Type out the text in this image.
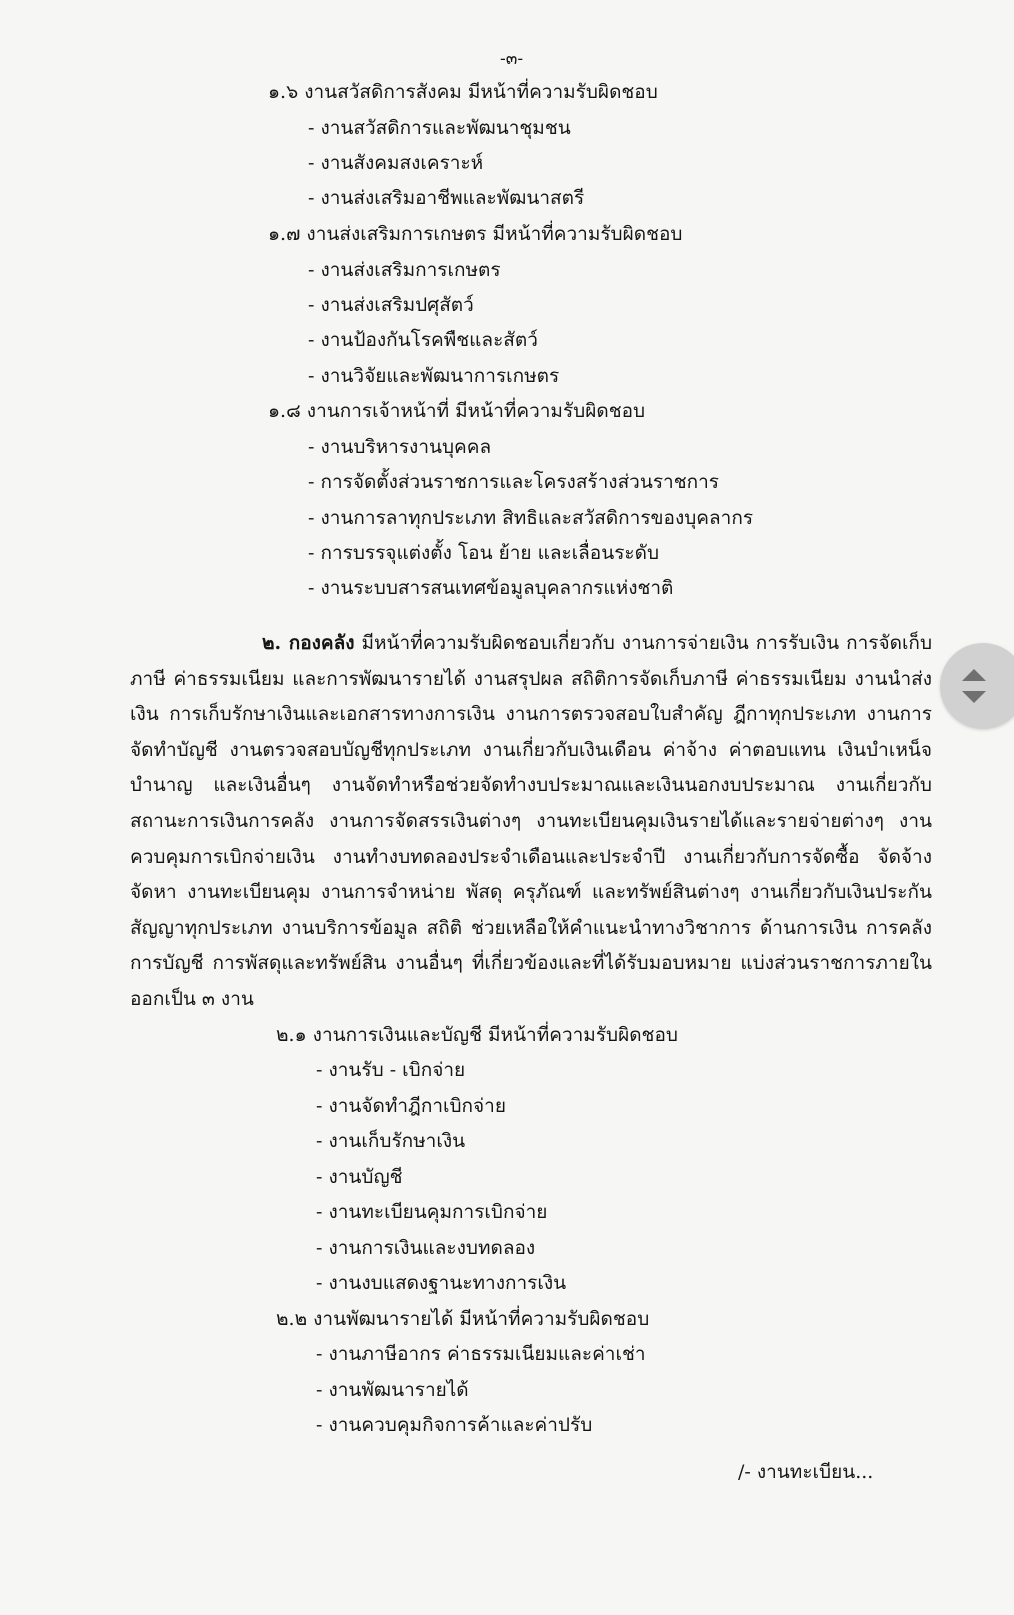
-๓-
๑.๖ งานสวัสดิการสังคม มีหน้าที่ความรับผิดชอบ
- งานสวัสดิการและพัฒนาชุมชน
- งานสังคมสงเคราะห์
- งานส่งเสริมอาชีพและพัฒนาสตรี
๑.๗ งานส่งเสริมการเกษตร มีหน้าที่ความรับผิดชอบ
- งานส่งเสริมการเกษตร
- งานส่งเสริมปศุสัตว์
- งานป้องกันโรคพืชและสัตว์
- งานวิจัยและพัฒนาการเกษตร
๑.๘ งานการเจ้าหน้าที่ มีหน้าที่ความรับผิดชอบ
- งานบริหารงานบุคคล
- การจัดตั้งส่วนราชการและโครงสร้างส่วนราชการ
- งานการลาทุกประเภท สิทธิและสวัสดิการของบุคลากร
- การบรรจุแต่งตั้ง โอน ย้าย และเลื่อนระดับ
- งานระบบสารสนเทศข้อมูลบุคลากรแห่งชาติ
๒. กองคลัง มีหน้าที่ความรับผิดชอบเกี่ยวกับ งานการจ่ายเงิน การรับเงิน การจัดเก็บภาษี ค่าธรรมเนียม และการพัฒนารายได้ งานสรุปผล สถิติการจัดเก็บภาษี ค่าธรรมเนียม งานนำส่งเงิน การเก็บรักษาเงินและเอกสารทางการเงิน งานการตรวจสอบใบสำคัญ ฎีกาทุกประเภท งานการจัดทำบัญชี งานตรวจสอบบัญชีทุกประเภท งานเกี่ยวกับเงินเดือน ค่าจ้าง ค่าตอบแทน เงินบำเหน็จบำนาญ และเงินอื่นๆ งานจัดทำหรือช่วยจัดทำงบประมาณและเงินนอกงบประมาณ งานเกี่ยวกับสถานะการเงินการคลัง งานการจัดสรรเงินต่างๆ งานทะเบียนคุมเงินรายได้และรายจ่ายต่างๆ งานควบคุมการเบิกจ่ายเงิน งานทำงบทดลองประจำเดือนและประจำปี งานเกี่ยวกับการจัดซื้อ จัดจ้าง จัดหา งานทะเบียนคุม งานการจำหน่าย พัสดุ ครุภัณฑ์ และทรัพย์สินต่างๆ งานเกี่ยวกับเงินประกันสัญญาทุกประเภท งานบริการข้อมูล สถิติ ช่วยเหลือให้คำแนะนำทางวิชาการ ด้านการเงิน การคลัง การบัญชี การพัสดุและทรัพย์สิน งานอื่นๆ ที่เกี่ยวข้องและที่ได้รับมอบหมาย แบ่งส่วนราชการภายในออกเป็น ๓ งาน
๒.๑ งานการเงินและบัญชี มีหน้าที่ความรับผิดชอบ
- งานรับ - เบิกจ่าย
- งานจัดทำฎีกาเบิกจ่าย
- งานเก็บรักษาเงิน
- งานบัญชี
- งานทะเบียนคุมการเบิกจ่าย
- งานการเงินและงบทดลอง
- งานงบแสดงฐานะทางการเงิน
๒.๒ งานพัฒนารายได้ มีหน้าที่ความรับผิดชอบ
- งานภาษีอากร ค่าธรรมเนียมและค่าเช่า
- งานพัฒนารายได้
- งานควบคุมกิจการค้าและค่าปรับ
/- งานทะเบียน...
